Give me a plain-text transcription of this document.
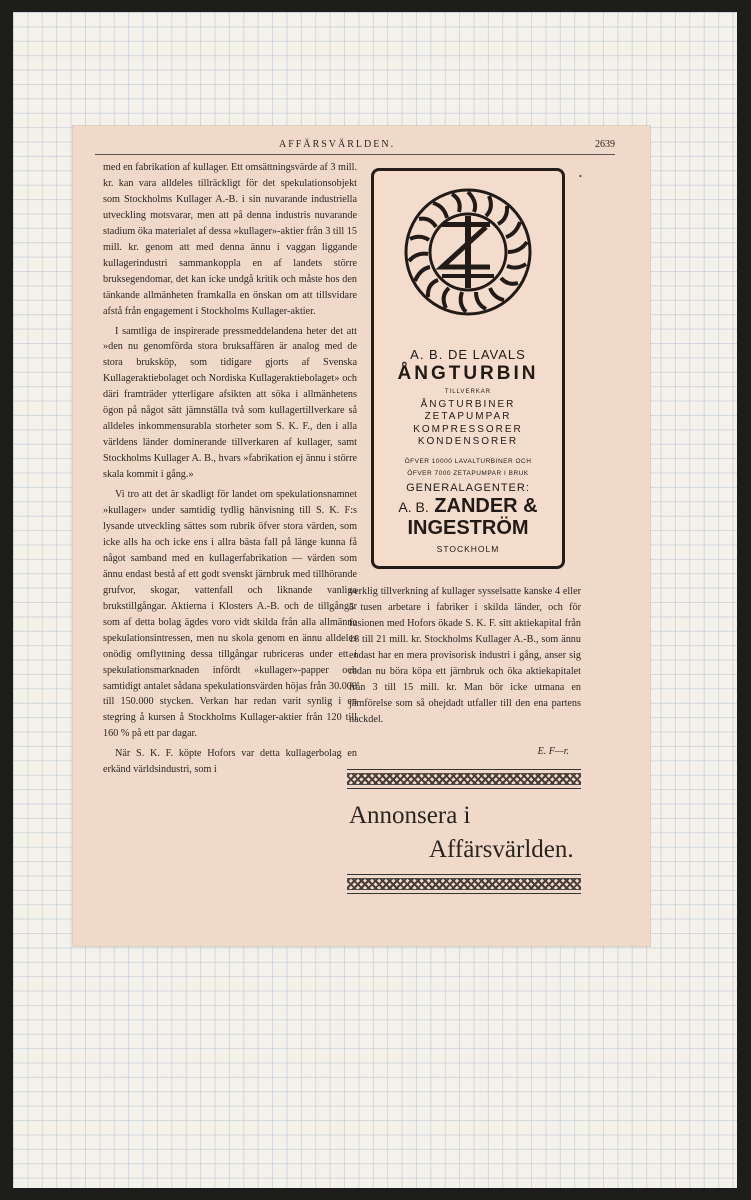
AFFÄRSVÄRLDEN.	2639

med en fabrikation af kullager. Ett omsättningsvärde af 3 mill. kr. kan vara alldeles tillräckligt för det spekulationsobjekt som Stockholms Kullager A.-B. i sin nuvarande industriella utveckling motsvarar, men att på denna industris nuvarande stadium öka materialet af dessa »kullager»-aktier från 3 till 15 mill. kr. genom att med denna ännu i vaggan liggande kullagerindustri sammankoppla en af landets större bruksegendomar, det kan icke undgå kritik och måste hos den tänkande allmänheten framkalla en önskan om att tillsvidare afstå från engagement i Stockholms Kullager-aktier.

I samtliga de inspirerade pressmeddelandena heter det att »den nu genomförda stora bruksaffären är analog med de stora bruksköp, som tidigare gjorts af Svenska Kullageraktiebolaget och Nordiska Kullageraktiebolaget» och däri framträder ytterligare afsikten att söka i allmänhetens ögon på något sätt jämnställa två som kullagertillverkare så alldeles inkommensurabla storheter som S. K. F., den i alla världens länder dominerande tillverkaren af kullager, samt Stockholms Kullager A. B., hvars »fabrikation ej ännu i större skala kommit i gång.»

Vi tro att det är skadligt för landet om spekulationsnamnet »kullager» under samtidig tydlig hänvisning till S. K. F:s lysande utveckling sättes som rubrik öfver stora värden, som icke alls ha och icke ens i allra bästa fall på länge kunna få något samband med en kullagerfabrikation — värden som ännu endast bestå af ett godt svenskt järnbruk med tillhörande grufvor, skogar, vattenfall och liknande vanliga brukstillgångar. Aktierna i Klosters A.-B. och de tillgångar som af detta bolag ägdes voro vidt skilda från alla allmänna spekulationsintressen, men nu skola genom en ännu alldeles onödig omflyttning dessa tillgångar rubriceras under ett i spekulationsmarknaden infördt »kullager»-papper och samtidigt antalet sådana spekulationsvärden höjas från 30.000 till 150.000 stycken. Verkan har redan varit synlig i en stegring å kursen å Stockholms Kullager-aktier från 120 till 160 % på ett par dagar.

När S. K. F. köpte Hofors var detta kullagerbolag en erkänd världsindustri, som i

A. B. DE LAVALS
ÅNGTURBIN
TILLVERKAR
ÅNGTURBINER
ZETAPUMPAR
KOMPRESSORER
KONDENSORER
ÖFVER 10000 LAVALTURBINER OCH
ÖFVER 7000 ZETAPUMPAR I BRUK
GENERALAGENTER:
A. B. ZANDER &
INGESTRÖM
STOCKHOLM
•

verklig tillverkning af kullager sysselsatte kanske 4 eller 5 tusen arbetare i fabriker i skilda länder, och för fusionen med Hofors ökade S. K. F. sitt aktiekapital från 18 till 21 mill. kr. Stockholms Kullager A.-B., som ännu endast har en mera provisorisk industri i gång, anser sig redan nu böra köpa ett järnbruk och öka aktiekapitalet från 3 till 15 mill. kr. Man bör icke utmana en jämförelse som så ohejdadt utfaller till den ena partens nackdel.

E. F—r.
Annonsera i
Affärsvärlden.
